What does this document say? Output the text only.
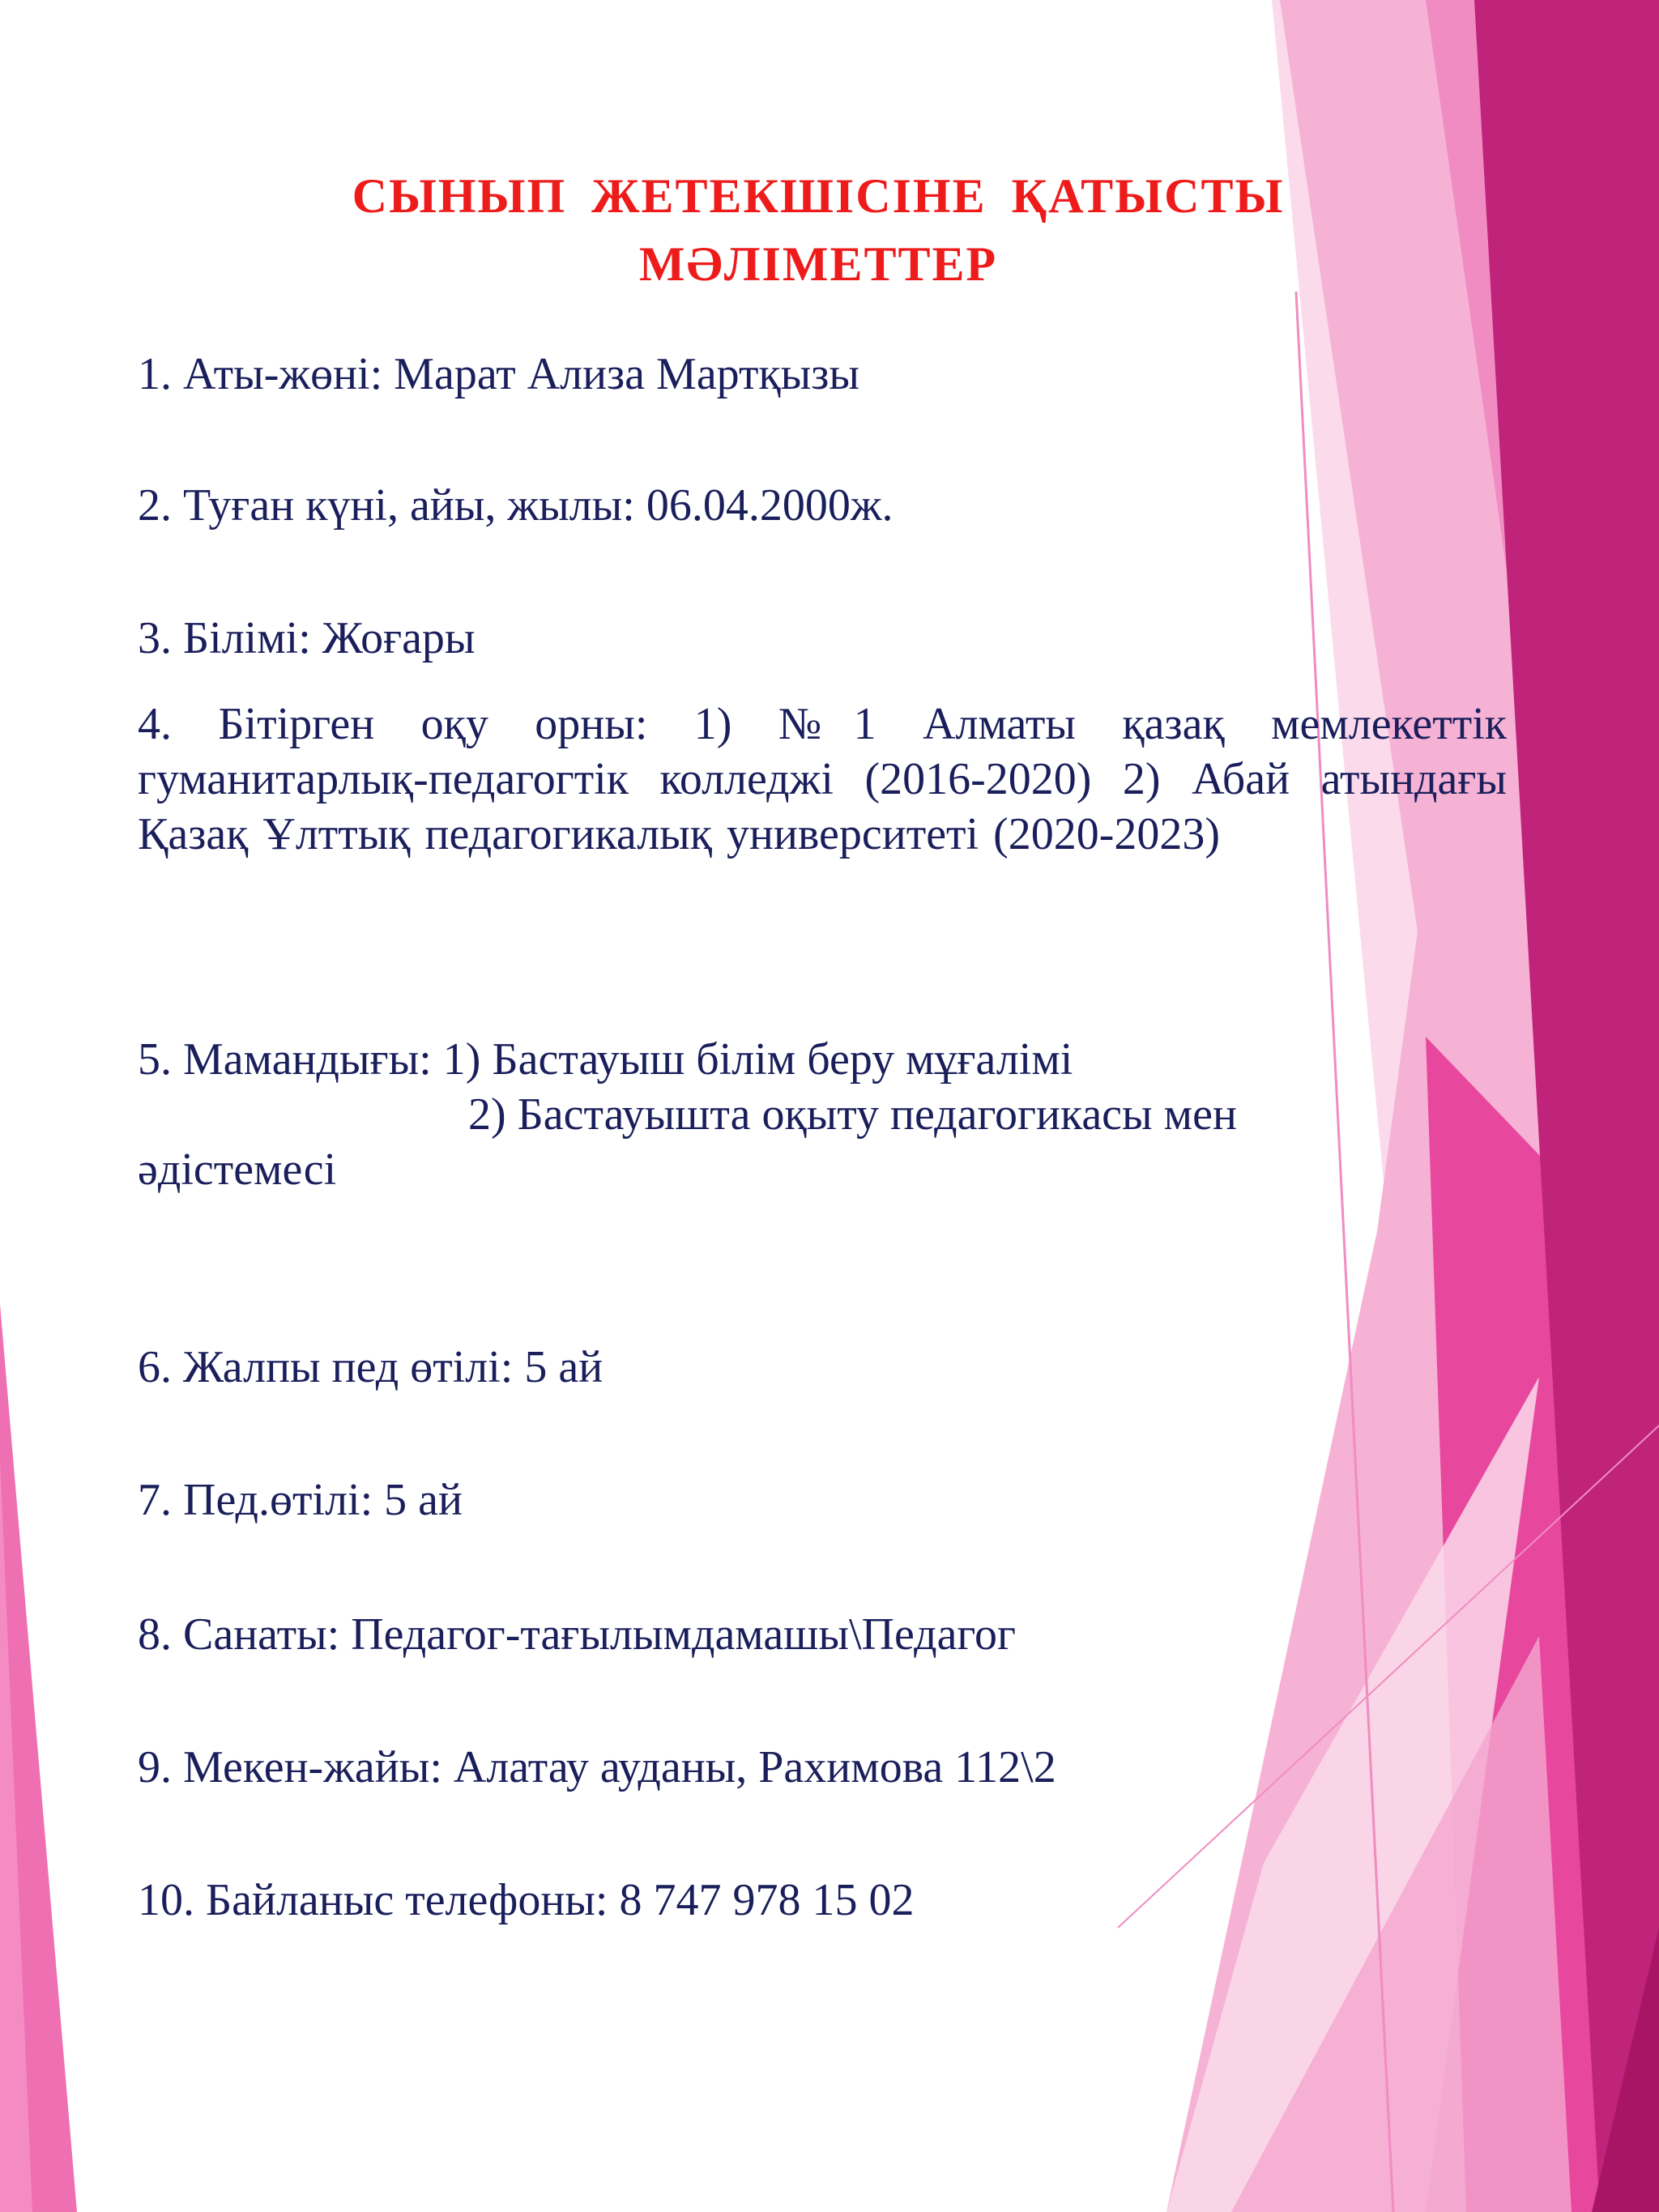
СЫНЫП ЖЕТЕКШІСІНЕ ҚАТЫСТЫ
МӘЛІМЕТТЕР

1. Аты-жөні: Марат Ализа Мартқызы

2. Туған күні, айы, жылы: 06.04.2000ж.

3. Білімі: Жоғары

4. Бітірген оқу орны: 1) №1 Алматы қазақ мемлекеттік гуманитарлық-педагогтік колледжі (2016-2020) 2) Абай атындағы Қазақ Ұлттық педагогикалық университеті (2020-2023)

5. Мамандығы: 1) Бастауыш білім беру мұғалімі
2) Бастауышта оқыту педагогикасы мен
әдістемесі

6. Жалпы пед өтілі: 5 ай

7. Пед.өтілі: 5 ай

8. Санаты: Педагог-тағылымдамашы\Педагог

9. Мекен-жайы: Алатау ауданы, Рахимова 112\2

10. Байланыс телефоны: 8 747 978 15 02
